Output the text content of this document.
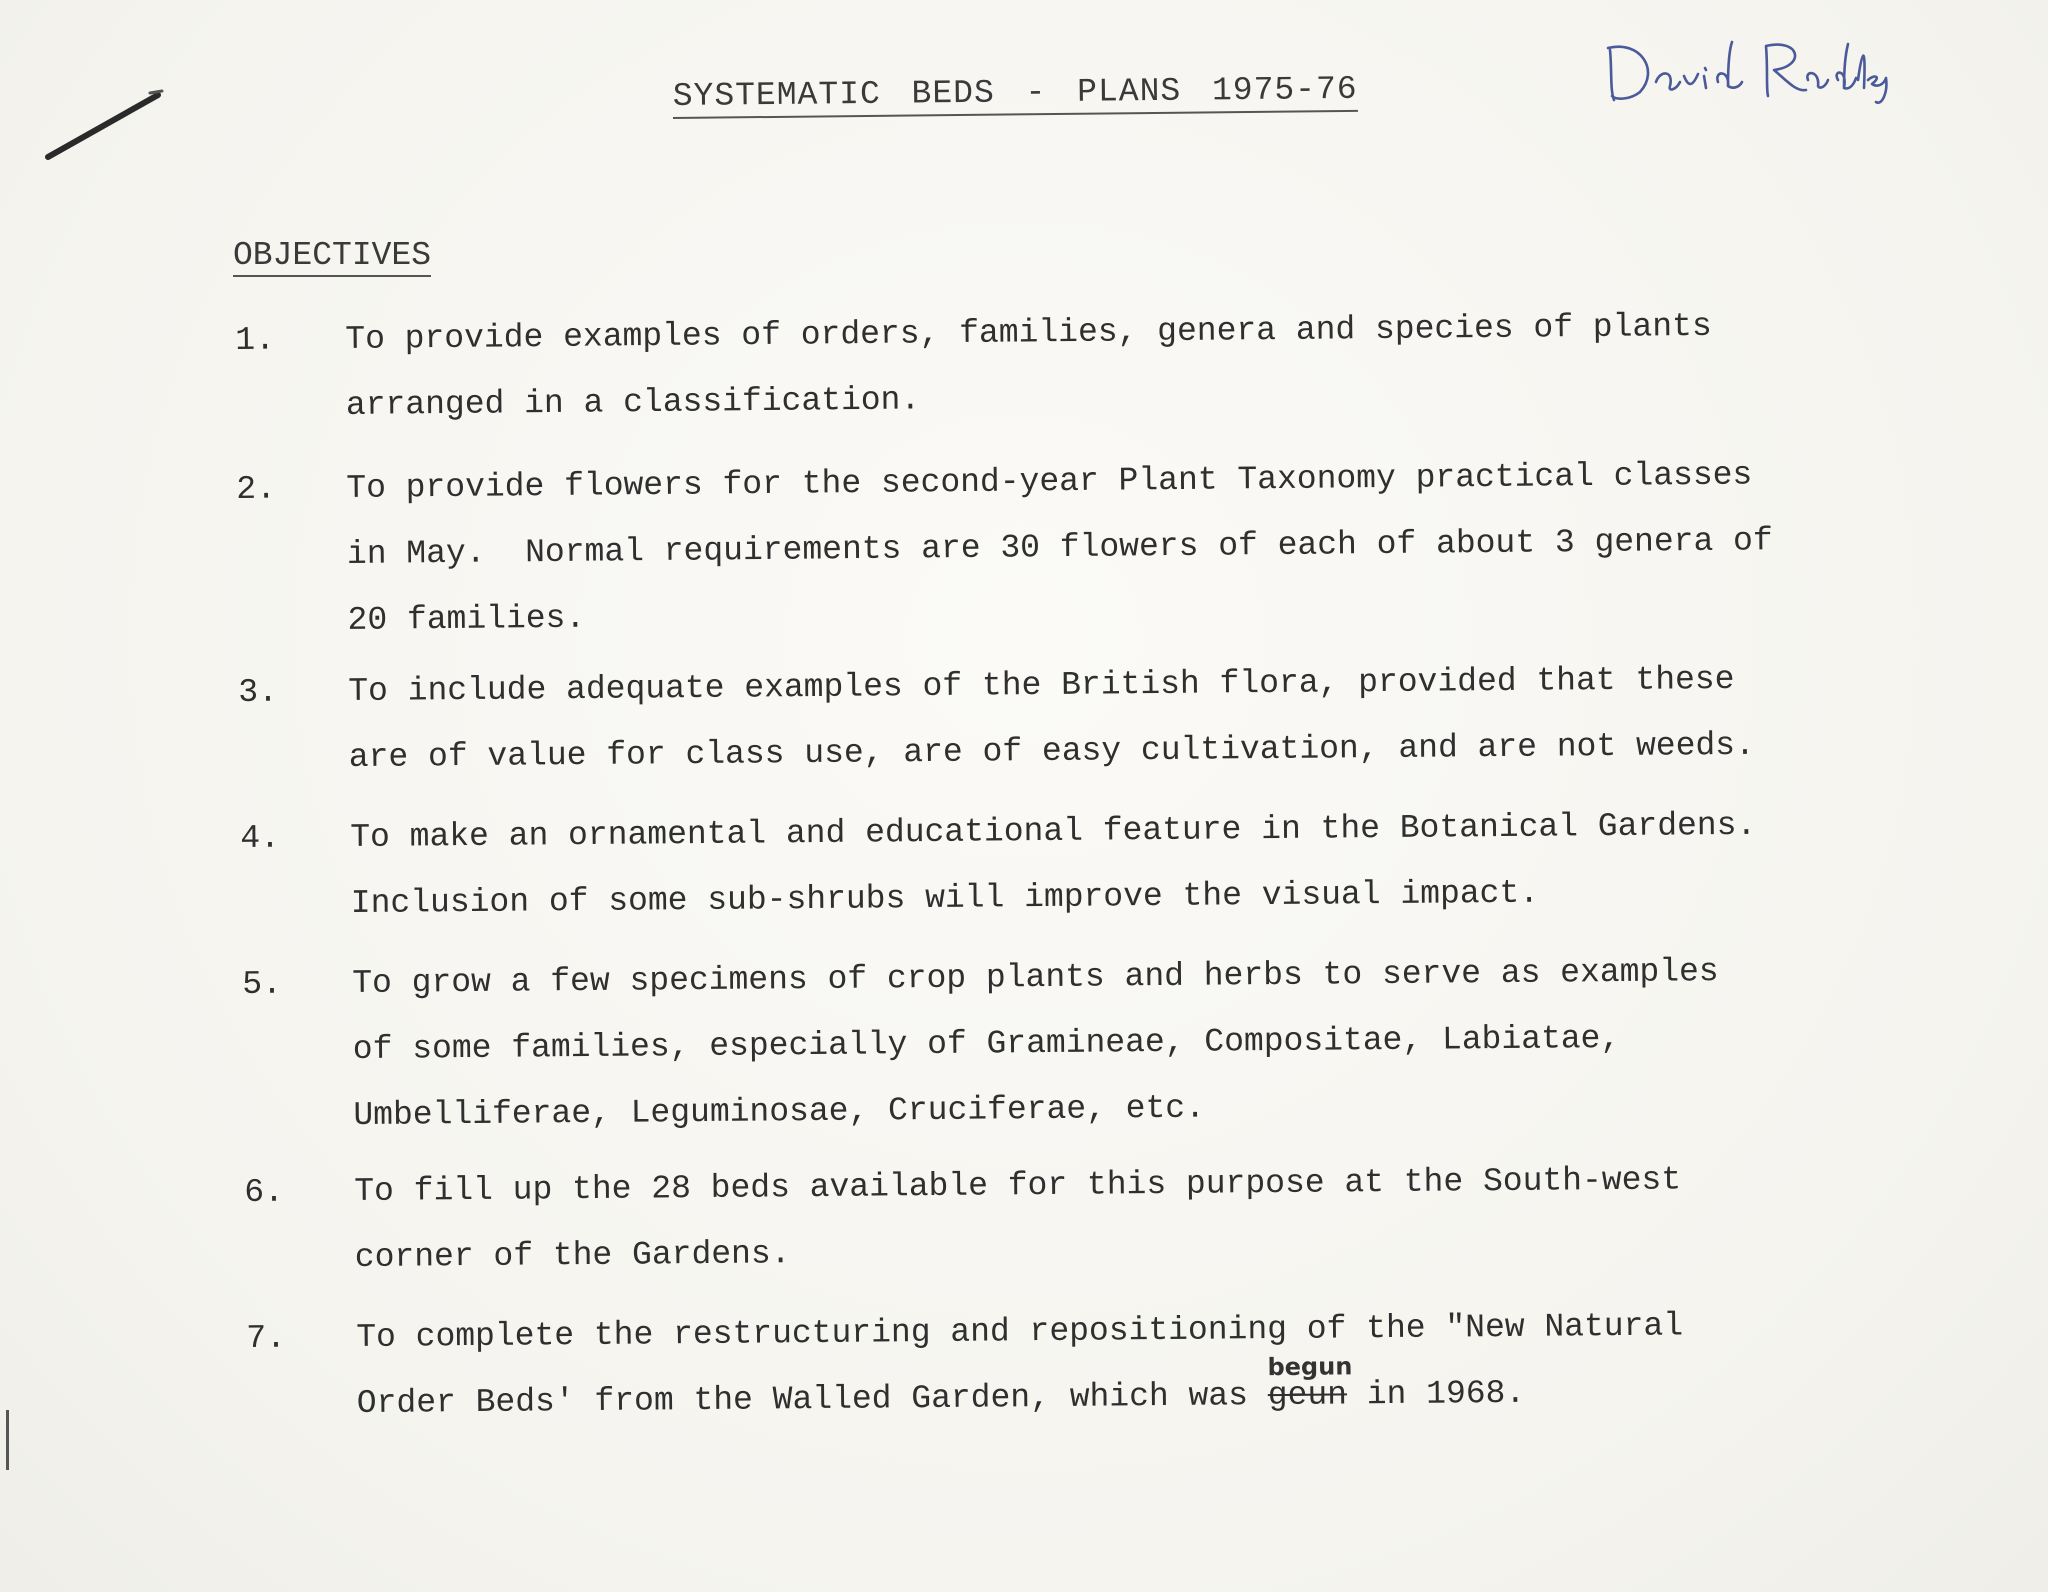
SYSTEMATIC BEDS - PLANS 1975-76
OBJECTIVES
1.	To provide examples of orders, families, genera and species of plants
arranged in a classification.
2.	To provide flowers for the second-year Plant Taxonomy practical classes
in May.  Normal requirements are 30 flowers of each of about 3 genera of
20 families.
3.	To include adequate examples of the British flora, provided that these
are of value for class use, are of easy cultivation, and are not weeds.
4.	To make an ornamental and educational feature in the Botanical Gardens.
Inclusion of some sub-shrubs will improve the visual impact.
5.	To grow a few specimens of crop plants and herbs to serve as examples
of some families, especially of Gramineae, Compositae, Labiatae,
Umbelliferae, Leguminosae, Cruciferae, etc.
6.	To fill up the 28 beds available for this purpose at the South-west
corner of the Gardens.
7.	To complete the restructuring and repositioning of the "New Natural
Order Beds' from the Walled Garden, which was
begun
geun in 1968.
